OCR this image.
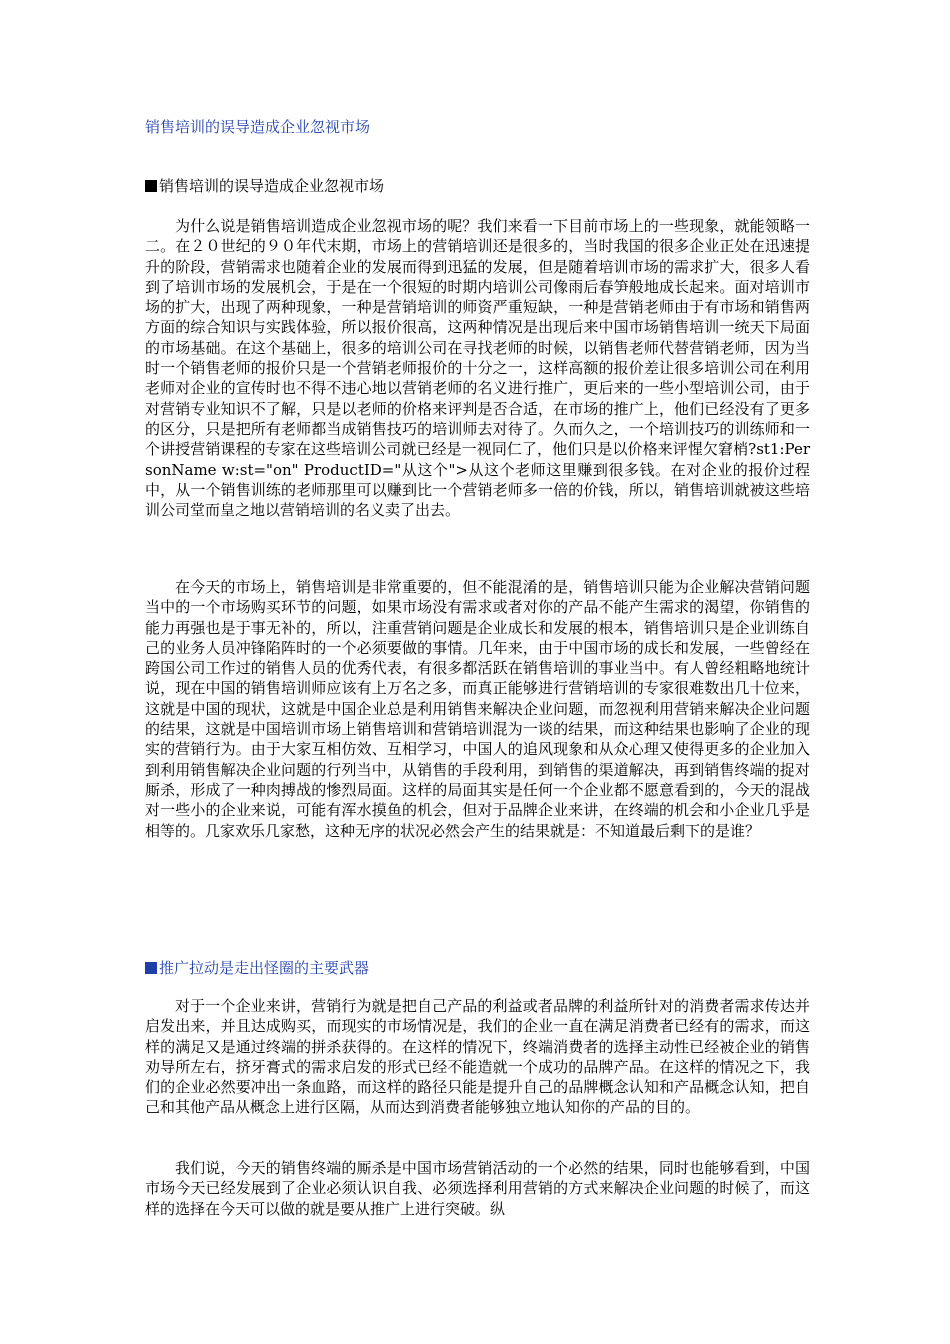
销售培训的误导造成企业忽视市场
销售培训的误导造成企业忽视市场

为什么说是销售培训造成企业忽视市场的呢？我们来看一下目前市场上的一些现象，就能领略一二。在２０世纪的９０年代末期，市场上的营销培训还是很多的，当时我国的很多企业正处在迅速提升的阶段，营销需求也随着企业的发展而得到迅猛的发展，但是随着培训市场的需求扩大，很多人看到了培训市场的发展机会，于是在一个很短的时期内培训公司像雨后春笋般地成长起来。面对培训市场的扩大，出现了两种现象，一种是营销培训的师资严重短缺，一种是营销老师由于有市场和销售两方面的综合知识与实践体验，所以报价很高，这两种情况是出现后来中国市场销售培训一统天下局面的市场基础。在这个基础上，很多的培训公司在寻找老师的时候，以销售老师代替营销老师，因为当时一个销售老师的报价只是一个营销老师报价的十分之一，这样高额的报价差让很多培训公司在利用老师对企业的宣传时也不得不违心地以营销老师的名义进行推广，更后来的一些小型培训公司，由于对营销专业知识不了解，只是以老师的价格来评判是否合适，在市场的推广上，他们已经没有了更多的区分，只是把所有老师都当成销售技巧的培训师去对待了。久而久之，一个培训技巧的训练师和一个讲授营销课程的专家在这些培训公司就已经是一视同仁了，他们只是以价格来评惺欠窘梢?st1:PersonName w:st="on" ProductID="从这个">从这个老师这里赚到很多钱。在对企业的报价过程中，从一个销售训练的老师那里可以赚到比一个营销老师多一倍的价钱，所以，销售培训就被这些培训公司堂而皇之地以营销培训的名义卖了出去。

在今天的市场上，销售培训是非常重要的，但不能混淆的是，销售培训只能为企业解决营销问题当中的一个市场购买环节的问题，如果市场没有需求或者对你的产品不能产生需求的渴望，你销售的能力再强也是于事无补的，所以，注重营销问题是企业成长和发展的根本，销售培训只是企业训练自己的业务人员冲锋陷阵时的一个必须要做的事情。几年来，由于中国市场的成长和发展，一些曾经在跨国公司工作过的销售人员的优秀代表，有很多都活跃在销售培训的事业当中。有人曾经粗略地统计说，现在中国的销售培训师应该有上万名之多，而真正能够进行营销培训的专家很难数出几十位来，这就是中国的现状，这就是中国企业总是利用销售来解决企业问题，而忽视利用营销来解决企业问题的结果，这就是中国培训市场上销售培训和营销培训混为一谈的结果，而这种结果也影响了企业的现实的营销行为。由于大家互相仿效、互相学习，中国人的追风现象和从众心理又使得更多的企业加入到利用销售解决企业问题的行列当中，从销售的手段利用，到销售的渠道解决，再到销售终端的捉对厮杀，形成了一种肉搏战的惨烈局面。这样的局面其实是任何一个企业都不愿意看到的，今天的混战对一些小的企业来说，可能有浑水摸鱼的机会，但对于品牌企业来讲，在终端的机会和小企业几乎是相等的。几家欢乐几家愁，这种无序的状况必然会产生的结果就是：不知道最后剩下的是谁？

推广拉动是走出怪圈的主要武器

对于一个企业来讲，营销行为就是把自己产品的利益或者品牌的利益所针对的消费者需求传达并启发出来，并且达成购买，而现实的市场情况是，我们的企业一直在满足消费者已经有的需求，而这样的满足又是通过终端的拼杀获得的。在这样的情况下，终端消费者的选择主动性已经被企业的销售劝导所左右，挤牙膏式的需求启发的形式已经不能造就一个成功的品牌产品。在这样的情况之下，我们的企业必然要冲出一条血路，而这样的路径只能是提升自己的品牌概念认知和产品概念认知，把自己和其他产品从概念上进行区隔，从而达到消费者能够独立地认知你的产品的目的。

我们说，今天的销售终端的厮杀是中国市场营销活动的一个必然的结果，同时也能够看到，中国市场今天已经发展到了企业必须认识自我、必须选择利用营销的方式来解决企业问题的时候了，而这样的选择在今天可以做的就是要从推广上进行突破。纵
